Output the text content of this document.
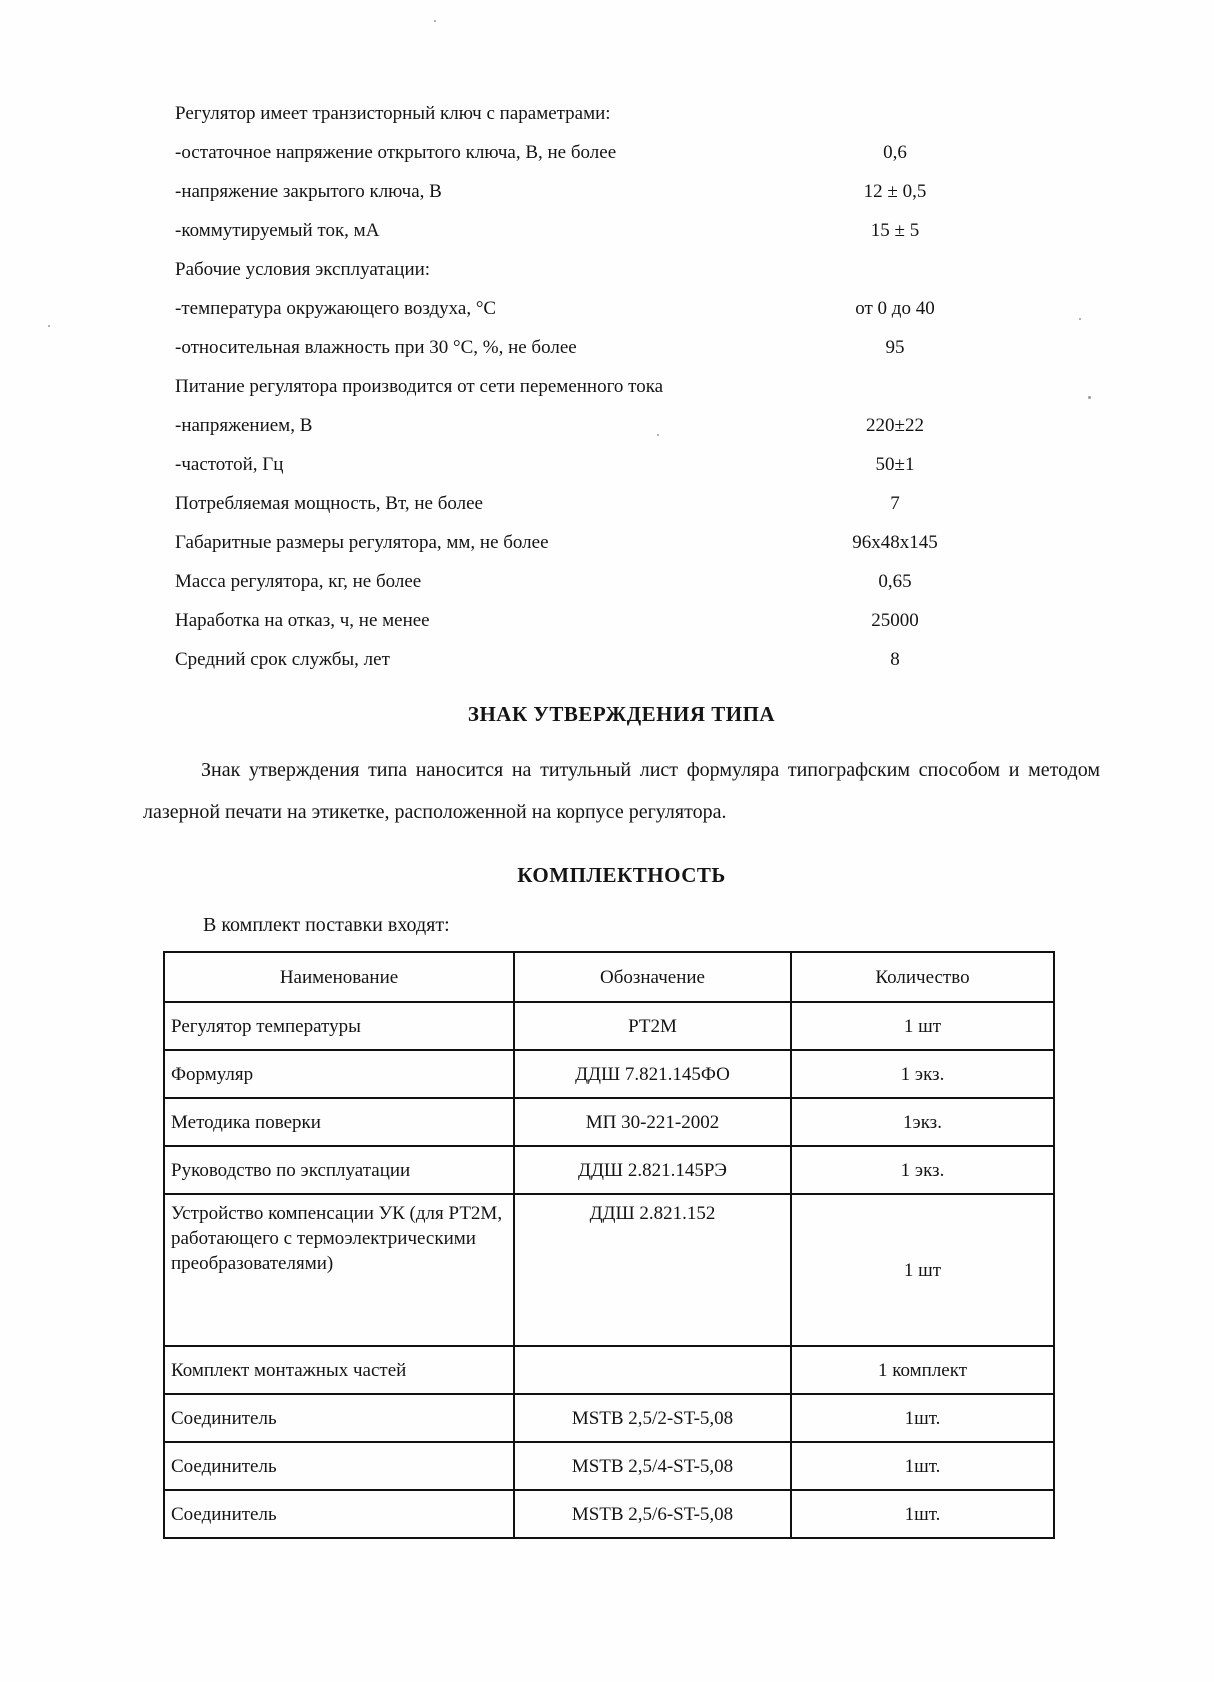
Регулятор имеет транзисторный ключ с параметрами:
-остаточное напряжение открытого ключа, В, не более	0,6
-напряжение закрытого ключа, В	12 ± 0,5
-коммутируемый ток, мА	15 ± 5
Рабочие условия эксплуатации:
-температура окружающего воздуха, °С	от 0 до 40
-относительная влажность при 30 °С, %, не более	95
Питание регулятора производится от сети переменного тока
-напряжением, В	220±22
-частотой, Гц	50±1
Потребляемая мощность, Вт, не более	7
Габаритные размеры регулятора, мм, не более	96х48х145
Масса регулятора, кг, не более	0,65
Наработка на отказ, ч, не менее	25000
Средний срок службы, лет	8
ЗНАК УТВЕРЖДЕНИЯ ТИПА

Знак утверждения типа наносится на титульный лист формуляра типографским способом и методом лазерной печати на этикетке, расположенной на корпусе регулятора.

КОМПЛЕКТНОСТЬ
В комплект поставки входят:
Наименование	Обозначение	Количество
Регулятор температуры	РТ2М	1 шт
Формуляр	ДДШ 7.821.145ФО	1 экз.
Методика поверки	МП 30-221-2002	1экз.
Руководство по эксплуатации	ДДШ 2.821.145РЭ	1 экз.
Устройство компенсации УК (для РТ2М, работающего с термоэлектрическими преобразователями)	ДДШ 2.821.152	1 шт
Комплект монтажных частей		1 комплект
Соединитель	MSTB 2,5/2-ST-5,08	1шт.
Соединитель	MSTB 2,5/4-ST-5,08	1шт.
Соединитель	MSTB 2,5/6-ST-5,08	1шт.
